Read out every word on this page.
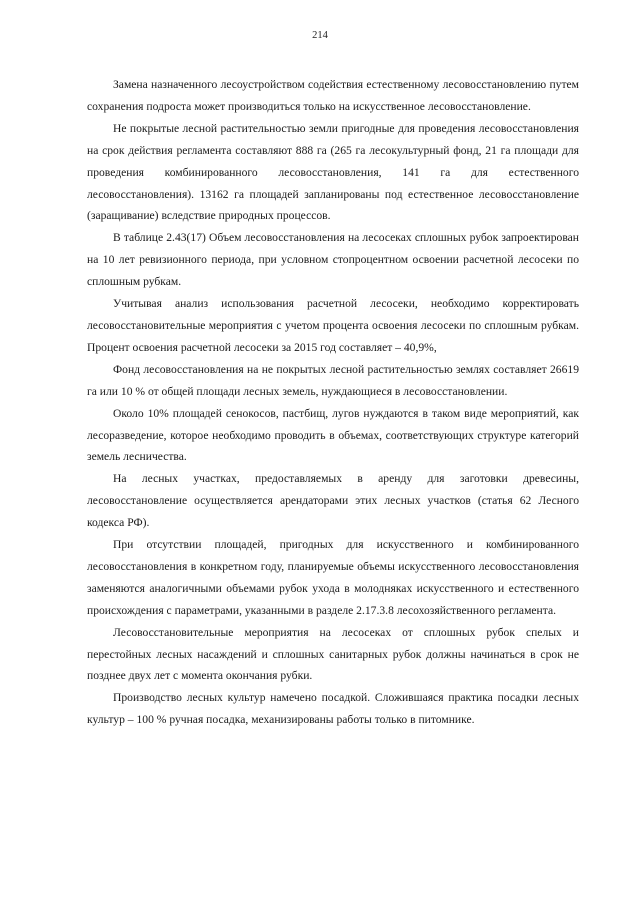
214

Замена назначенного лесоустройством содействия естественному лесовосстановлению путем сохранения подроста может производиться только на искусственное лесовосстановление.

Не покрытые лесной растительностью земли пригодные для проведения лесовосстановления на срок действия регламента составляют 888 га (265 га лесокультурный фонд, 21 га площади для проведения комбинированного лесовосстановления, 141 га для естественного лесовосстановления). 13162 га площадей запланированы под естественное лесовосстановление (заращивание) вследствие природных процессов.

В таблице 2.43(17) Объем лесовосстановления на лесосеках сплошных рубок запроектирован на 10 лет ревизионного периода, при условном стопроцентном освоении расчетной лесосеки по сплошным рубкам.

Учитывая анализ использования расчетной лесосеки, необходимо корректировать лесовосстановительные мероприятия с учетом процента освоения лесосеки по сплошным рубкам. Процент освоения расчетной лесосеки за 2015 год составляет – 40,9%,

Фонд лесовосстановления на не покрытых лесной растительностью землях составляет 26619 га или 10 % от общей площади лесных земель, нуждающиеся в лесовосстановлении.

Около 10% площадей сенокосов, пастбищ, лугов нуждаются в таком виде мероприятий, как лесоразведение, которое необходимо проводить в объемах, соответствующих структуре категорий земель лесничества.

На лесных участках, предоставляемых в аренду для заготовки древесины, лесовосстановление осуществляется арендаторами этих лесных участков (статья 62 Лесного кодекса РФ).

При отсутствии площадей, пригодных для искусственного и комбинированного лесовосстановления в конкретном году, планируемые объемы искусственного лесовосстановления заменяются аналогичными объемами рубок ухода в молодняках искусственного и естественного происхождения с параметрами, указанными в разделе 2.17.3.8 лесохозяйственного регламента.

Лесовосстановительные мероприятия на лесосеках от сплошных рубок спелых и перестойных лесных насаждений и сплошных санитарных рубок должны начинаться в срок не позднее двух лет с момента окончания рубки.

Производство лесных культур намечено посадкой. Сложившаяся практика посадки лесных культур – 100 % ручная посадка, механизированы работы только в питомнике.
